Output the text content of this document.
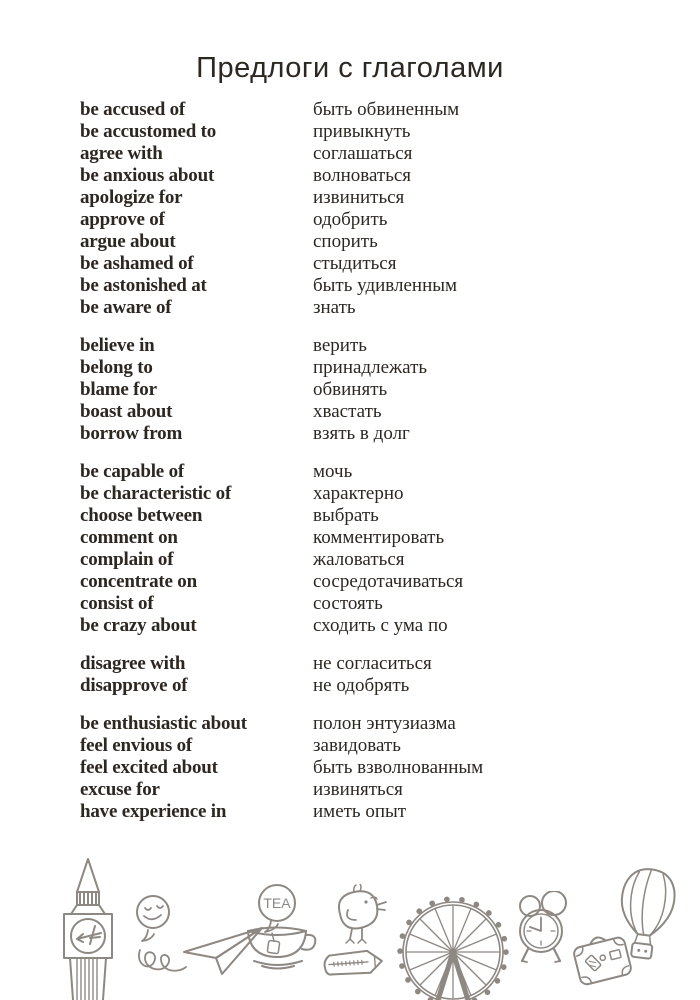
Предлоги с глаголами
be accused of	быть обвиненным
be accustomed to	привыкнуть
agree with	соглашаться
be anxious about	волноваться
apologize for	извиниться
approve of	одобрить
argue about	спорить
be ashamed of	стыдиться
be astonished at	быть удивленным
be aware of	знать
believe in	верить
belong to	принадлежать
blame for	обвинять
boast about	хвастать
borrow from	взять в долг
be capable of	мочь
be characteristic of	характерно
choose between	выбрать
comment on	комментировать
complain of	жаловаться
concentrate on	сосредотачиваться
consist of	состоять
be crazy about	сходить с ума по
disagree with	не согласиться
disapprove of	не одобрять
be enthusiastic about	полон энтузиазма
feel envious of	завидовать
feel excited about	быть взволнованным
excuse for	извиняться
have experience in	иметь опыт
TEA
